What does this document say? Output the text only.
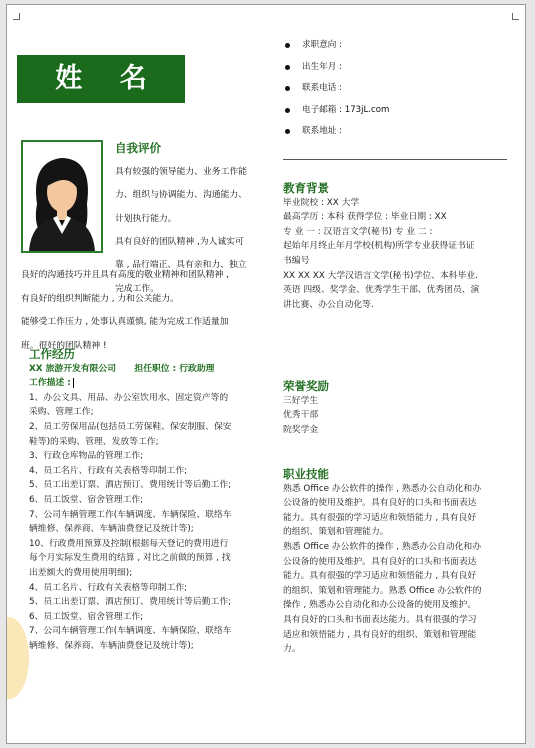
姓 名
自我评价

具有较强的领导能力、业务工作能

力、组织与协调能力、沟通能力、

计划执行能力。

具有良好的团队精神 ,为人诚实可

靠 , 品行端正、具有亲和力、独立

完成工作。

良好的沟通技巧并且具有高度的敬业精神和团队精神 ,

有良好的组织判断能力 , 力和公关能力。

能够受工作压力 , 处事认真谨慎, 能为完成工作适量加

班。很好的团队精神 !

工作经历

XX 旅游开发有限公司 担任职位 : 行政助理

工作描述 :

1、办公文具、用品、办公室饮用水、固定资产等的

采购、管理工作;

2、员工劳保用品(包括员工劳保鞋、保安制服、保安

鞋等)的采购、管理、发放等工作;

3、行政仓库物品的管理工作;

4、员工名片、行政有关表格等印制工作;

5、员工出差订票、酒店预订、费用统计等后勤工作;

6、员工饭堂、宿舍管理工作;

7、公司车辆管理工作(车辆调度、车辆保险、联络车

辆维修、保养商、车辆油费登记及统计等);

10、行政费用预算及控制(根据每天登记的费用进行

每个月实际发生费用的结算 , 对比之前做的预算 , 找

出差额大的费用使用明细);

4、员工名片、行政有关表格等印制工作;

5、员工出差订票、酒店预订、费用统计等后勤工作;

6、员工饭堂、宿舍管理工作;

7、公司车辆管理工作(车辆调度、车辆保险、联络车

辆维修、保养商、车辆油费登记及统计等);

求职意向 :
出生年月 :
联系电话 :
电子邮箱 : 173jL.com
联系地址 :

教育背景

毕业院校 : XX 大学

最高学历 : 本科 获得学位 : 毕业日期 : XX

专 业 一 : 汉语言文学(秘书) 专 业 二 :

起始年月终止年月学校(机构)所学专业获得证书证

书编号

XX XX XX 大学汉语言文学(秘书)学位、本科毕业.

英语 四级、奖学金、优秀学生干部、优秀团员、演

讲比赛、办公自动化等.

荣誉奖励

三好学生

优秀干部

院奖学金

职业技能

熟悉 Office 办公软件的操作 , 熟悉办公自动化和办

公设备的使用及维护。具有良好的口头和书面表达

能力。具有很强的学习适应和领悟能力 , 具有良好

的组织、策划和管理能力。

熟悉 Office 办公软件的操作 , 熟悉办公自动化和办

公设备的使用及维护。具有良好的口头和书面表达

能力。具有很强的学习适应和领悟能力 , 具有良好

的组织、策划和管理能力。熟悉 Office 办公软件的

操作 , 熟悉办公自动化和办公设备的使用及维护。

具有良好的口头和书面表达能力。具有很强的学习

适应和领悟能力 , 具有良好的组织、策划和管理能

力。
